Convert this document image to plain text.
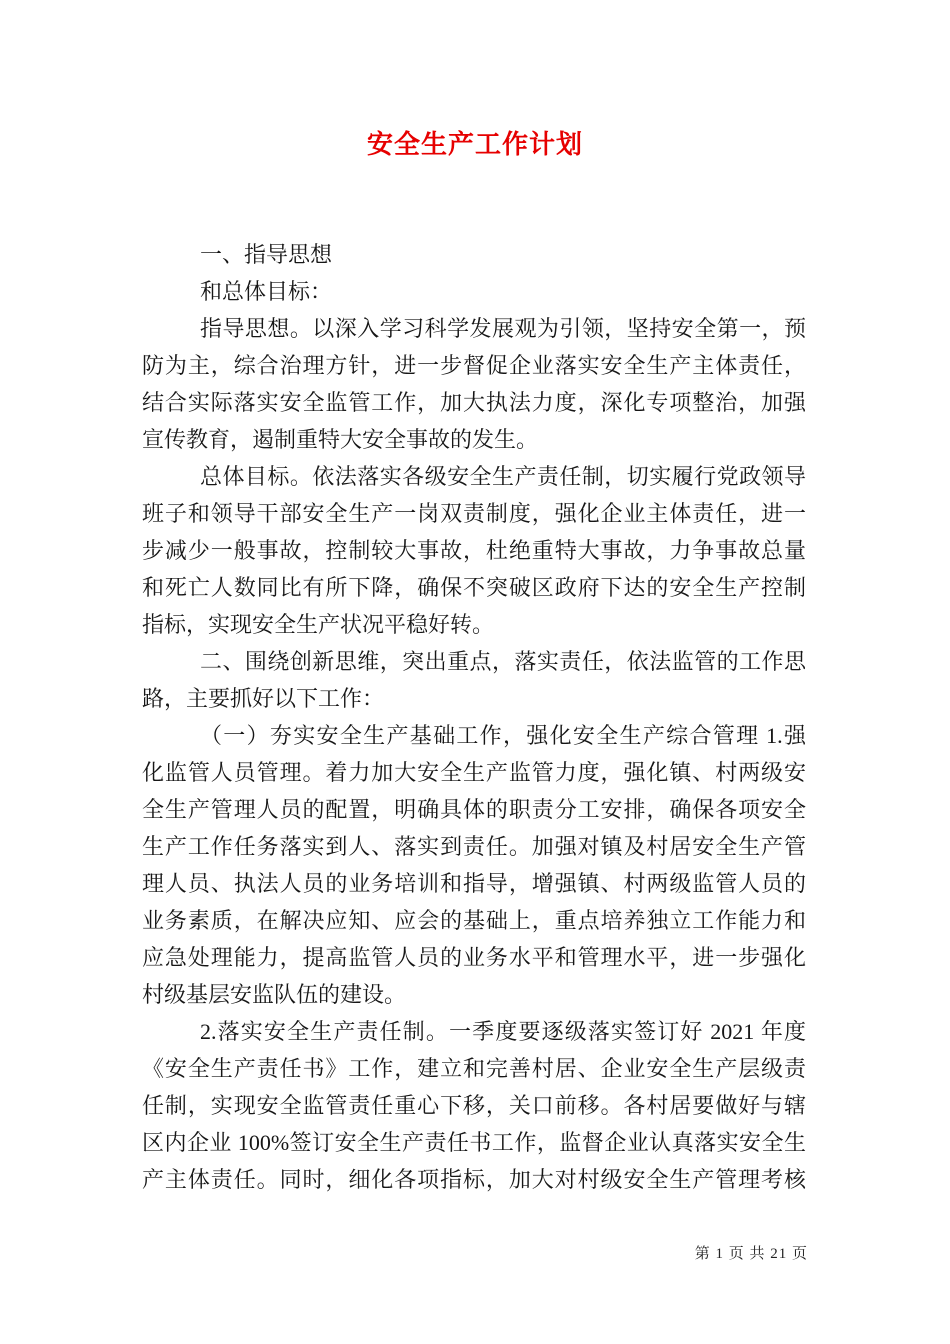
安全生产工作计划
一、指导思想
和总体目标：
指导思想。以深入学习科学发展观为引领，坚持安全第一，预
防为主，综合治理方针，进一步督促企业落实安全生产主体责任，
结合实际落实安全监管工作，加大执法力度，深化专项整治，加强
宣传教育，遏制重特大安全事故的发生。
总体目标。依法落实各级安全生产责任制，切实履行党政领导
班子和领导干部安全生产一岗双责制度，强化企业主体责任，进一
步减少一般事故，控制较大事故，杜绝重特大事故，力争事故总量
和死亡人数同比有所下降，确保不突破区政府下达的安全生产控制
指标，实现安全生产状况平稳好转。
二、围绕创新思维，突出重点，落实责任，依法监管的工作思
路，主要抓好以下工作：
（一）夯实安全生产基础工作，强化安全生产综合管理 1.强
化监管人员管理。着力加大安全生产监管力度，强化镇、村两级安
全生产管理人员的配置，明确具体的职责分工安排，确保各项安全
生产工作任务落实到人、落实到责任。加强对镇及村居安全生产管
理人员、执法人员的业务培训和指导，增强镇、村两级监管人员的
业务素质，在解决应知、应会的基础上，重点培养独立工作能力和
应急处理能力，提高监管人员的业务水平和管理水平，进一步强化
村级基层安监队伍的建设。
2.落实安全生产责任制。一季度要逐级落实签订好 2021 年度
《安全生产责任书》工作，建立和完善村居、企业安全生产层级责
任制，实现安全监管责任重心下移，关口前移。各村居要做好与辖
区内企业 100%签订安全生产责任书工作，监督企业认真落实安全生
产主体责任。同时，细化各项指标，加大对村级安全生产管理考核
第 1 页 共 21 页
